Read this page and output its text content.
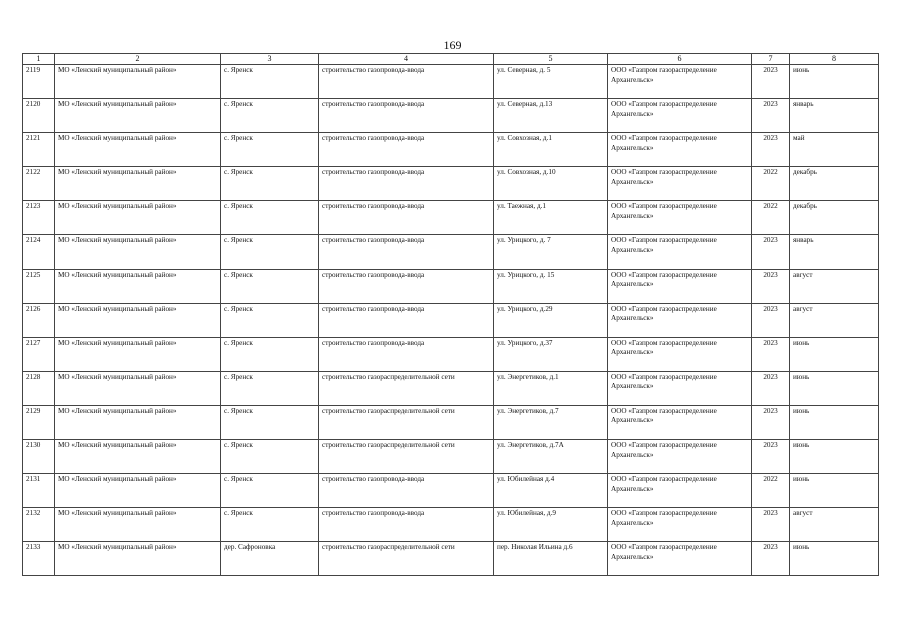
169
1	2	3	4	5	6	7	8
2119	МО «Ленский муниципальный район»	с. Яренск	строительство газопровода-ввода	ул. Северная, д. 5	ООО «Газпром газораспределение Архангельск»	2023	июнь
2120	МО «Ленский муниципальный район»	с. Яренск	строительство газопровода-ввода	ул. Северная, д.13	ООО «Газпром газораспределение Архангельск»	2023	январь
2121	МО «Ленский муниципальный район»	с. Яренск	строительство газопровода-ввода	ул. Совхозная, д.1	ООО «Газпром газораспределение Архангельск»	2023	май
2122	МО «Ленский муниципальный район»	с. Яренск	строительство газопровода-ввода	ул. Совхозная, д.10	ООО «Газпром газораспределение Архангельск»	2022	декабрь
2123	МО «Ленский муниципальный район»	с. Яренск	строительство газопровода-ввода	ул. Таежная, д.1	ООО «Газпром газораспределение Архангельск»	2022	декабрь
2124	МО «Ленский муниципальный район»	с. Яренск	строительство газопровода-ввода	ул. Урицкого, д. 7	ООО «Газпром газораспределение Архангельск»	2023	январь
2125	МО «Ленский муниципальный район»	с. Яренск	строительство газопровода-ввода	ул. Урицкого, д. 15	ООО «Газпром газораспределение Архангельск»	2023	август
2126	МО «Ленский муниципальный район»	с. Яренск	строительство газопровода-ввода	ул. Урицкого, д.29	ООО «Газпром газораспределение Архангельск»	2023	август
2127	МО «Ленский муниципальный район»	с. Яренск	строительство газопровода-ввода	ул. Урицкого, д.37	ООО «Газпром газораспределение Архангельск»	2023	июнь
2128	МО «Ленский муниципальный район»	с. Яренск	строительство газораспределительной сети	ул. Энергетиков, д.1	ООО «Газпром газораспределение Архангельск»	2023	июнь
2129	МО «Ленский муниципальный район»	с. Яренск	строительство газораспределительной сети	ул. Энергетиков, д.7	ООО «Газпром газораспределение Архангельск»	2023	июнь
2130	МО «Ленский муниципальный район»	с. Яренск	строительство газораспределительной сети	ул. Энергетиков, д.7А	ООО «Газпром газораспределение Архангельск»	2023	июнь
2131	МО «Ленский муниципальный район»	с. Яренск	строительство газопровода-ввода	ул. Юбилейная д.4	ООО «Газпром газораспределение Архангельск»	2022	июнь
2132	МО «Ленский муниципальный район»	с. Яренск	строительство газопровода-ввода	ул. Юбилейная, д.9	ООО «Газпром газораспределение Архангельск»	2023	август
2133	МО «Ленский муниципальный район»	дер. Сафроновка	строительство газораспределительной сети	пер. Николая Ильина д.6	ООО «Газпром газораспределение Архангельск»	2023	июнь
